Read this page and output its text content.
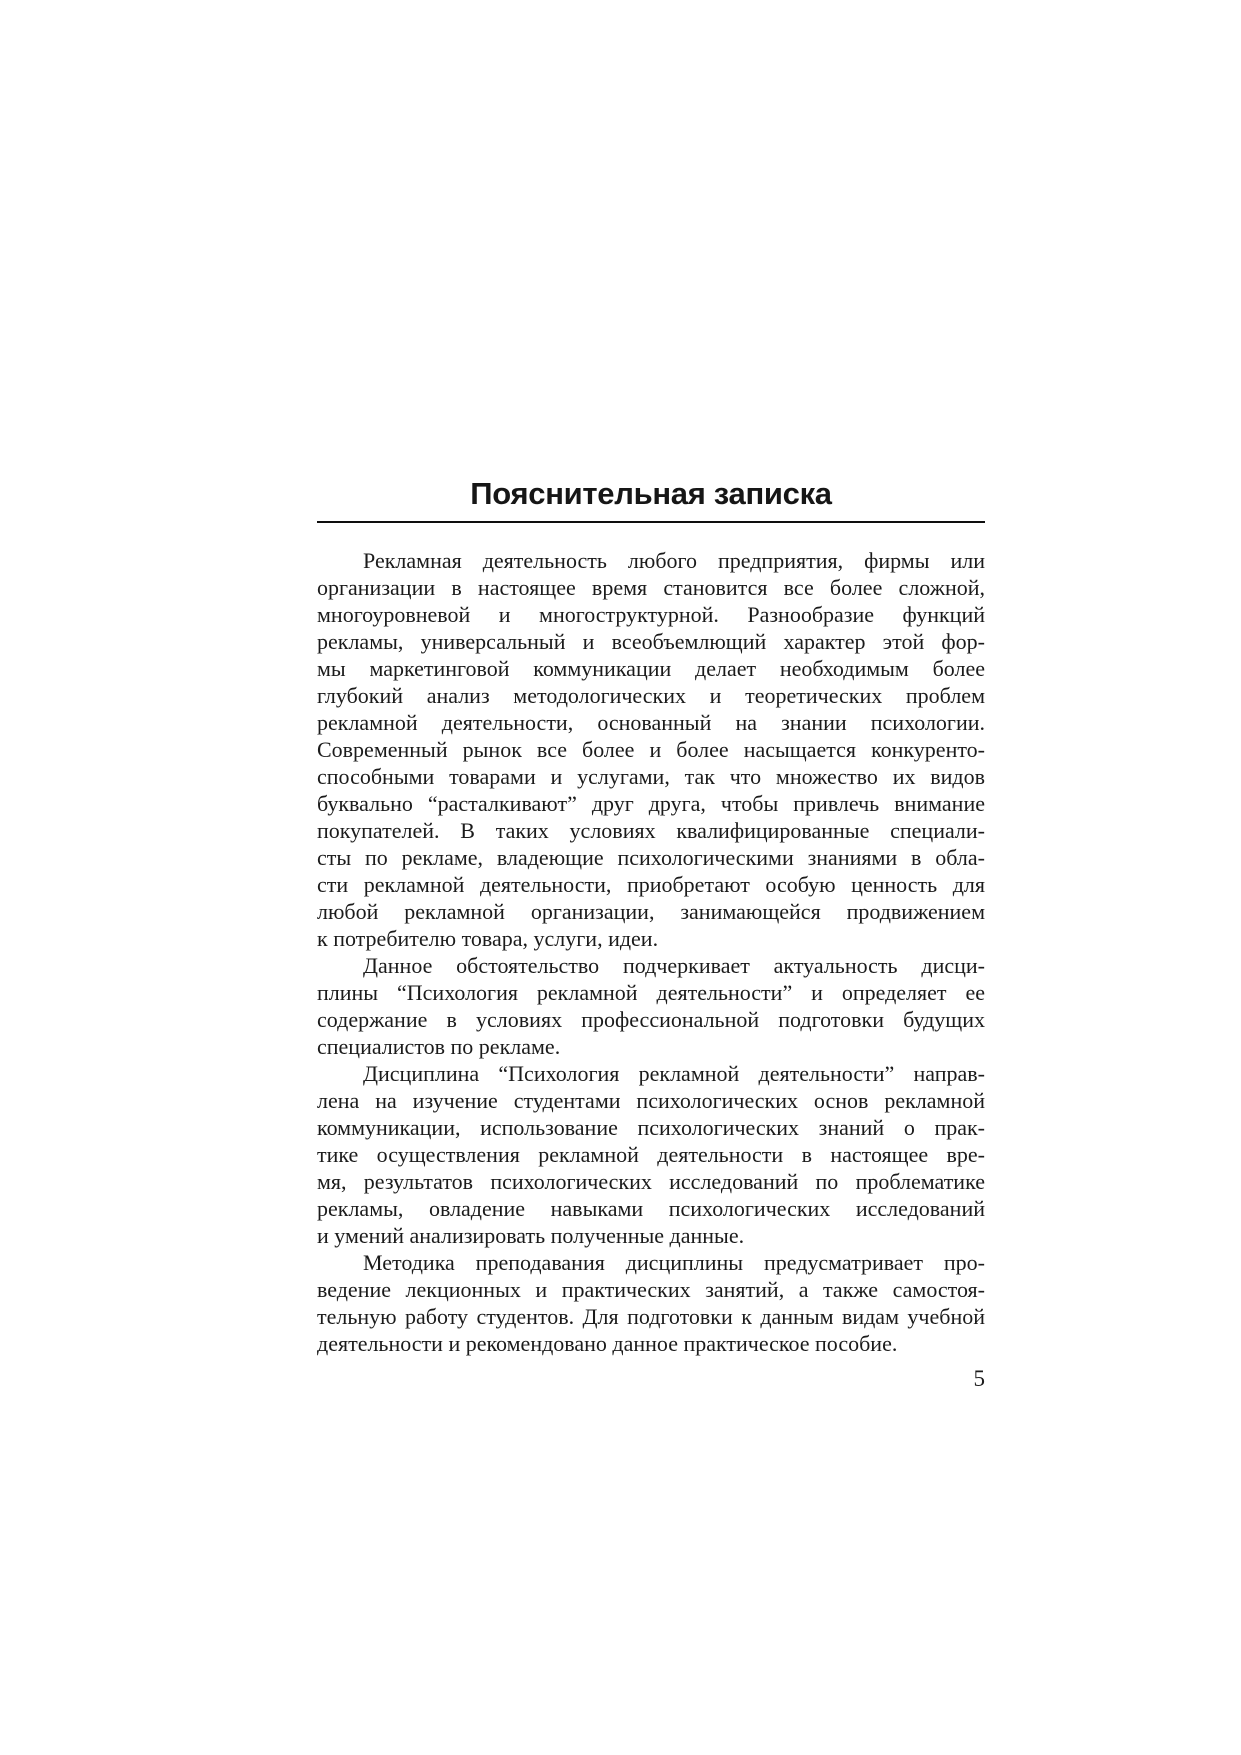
Пояснительная записка
Рекламная деятельность любого предприятия, фирмы или
организации в настоящее время становится все более сложной,
многоуровневой и многоструктурной. Разнообразие функций
рекламы, универсальный и всеобъемлющий характер этой фор-
мы маркетинговой коммуникации делает необходимым более
глубокий анализ методологических и теоретических проблем
рекламной деятельности, основанный на знании психологии.
Современный рынок все более и более насыщается конкуренто-
способными товарами и услугами, так что множество их видов
буквально “расталкивают” друг друга, чтобы привлечь внимание
покупателей. В таких условиях квалифицированные специали-
сты по рекламе, владеющие психологическими знаниями в обла-
сти рекламной деятельности, приобретают особую ценность для
любой рекламной организации, занимающейся продвижением
к потребителю товара, услуги, идеи.
Данное обстоятельство подчеркивает актуальность дисци-
плины “Психология рекламной деятельности” и определяет ее
содержание в условиях профессиональной подготовки будущих
специалистов по рекламе.
Дисциплина “Психология рекламной деятельности” направ-
лена на изучение студентами психологических основ рекламной
коммуникации, использование психологических знаний о прак-
тике осуществления рекламной деятельности в настоящее вре-
мя, результатов психологических исследований по проблематике
рекламы, овладение навыками психологических исследований
и умений анализировать полученные данные.
Методика преподавания дисциплины предусматривает про-
ведение лекционных и практических занятий, а также самостоя-
тельную работу студентов. Для подготовки к данным видам учебной
деятельности и рекомендовано данное практическое пособие.
5
